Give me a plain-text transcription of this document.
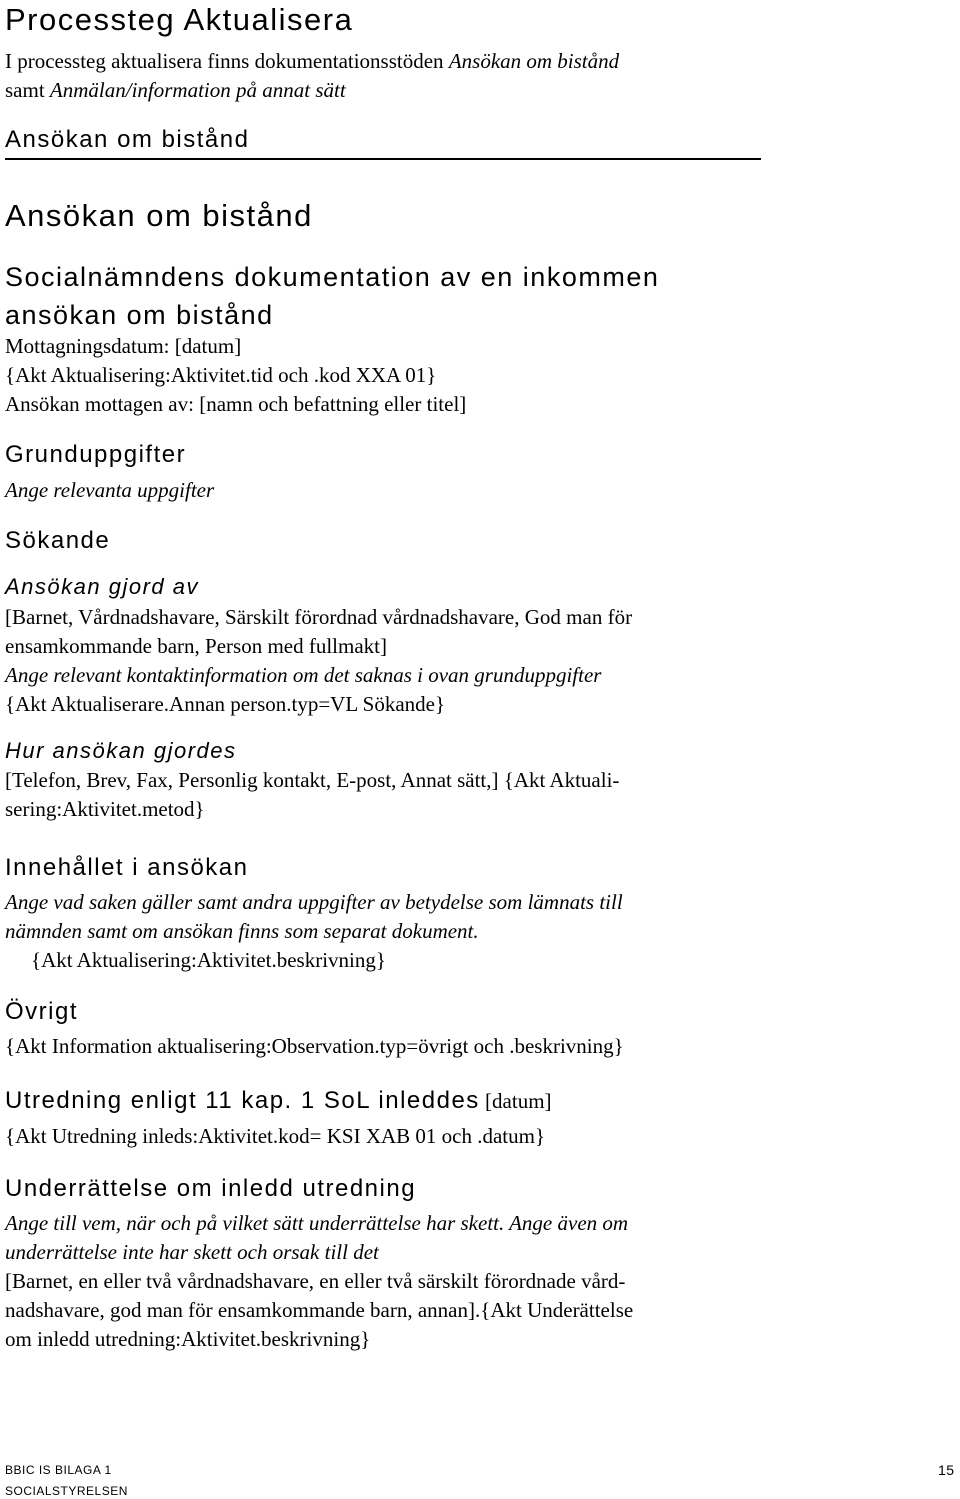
Processteg Aktualisera
I processteg aktualisera finns dokumentationsstöden Ansökan om bistånd
samt Anmälan/information på annat sätt
Ansökan om bistånd
Ansökan om bistånd
Socialnämndens dokumentation av en inkommen
ansökan om bistånd
Mottagningsdatum: [datum]
{Akt Aktualisering:Aktivitet.tid och .kod XXA 01}
Ansökan mottagen av: [namn och befattning eller titel]
Grunduppgifter
Ange relevanta uppgifter
Sökande
Ansökan gjord av
[Barnet, Vårdnadshavare, Särskilt förordnad vårdnadshavare, God man för
ensamkommande barn, Person med fullmakt]
Ange relevant kontaktinformation om det saknas i ovan grunduppgifter
{Akt Aktualiserare.Annan person.typ=VL Sökande}
Hur ansökan gjordes
[Telefon, Brev, Fax, Personlig kontakt, E-post, Annat sätt,] {Akt Aktuali-
sering:Aktivitet.metod}
Innehållet i ansökan
Ange vad saken gäller samt andra uppgifter av betydelse som lämnats till
nämnden samt om ansökan finns som separat dokument.
{Akt Aktualisering:Aktivitet.beskrivning}
Övrigt
{Akt Information aktualisering:Observation.typ=övrigt och .beskrivning}
Utredning enligt 11 kap. 1 SoL inleddes [datum]
{Akt Utredning inleds:Aktivitet.kod= KSI XAB 01 och .datum}
Underrättelse om inledd utredning
Ange till vem, när och på vilket sätt underrättelse har skett. Ange även om
underrättelse inte har skett och orsak till det
[Barnet, en eller två vårdnadshavare, en eller två särskilt förordnade vård-
nadshavare, god man för ensamkommande barn, annan].{Akt Underättelse
om inledd utredning:Aktivitet.beskrivning}
BBIC IS BILAGA 1
SOCIALSTYRELSEN
15
